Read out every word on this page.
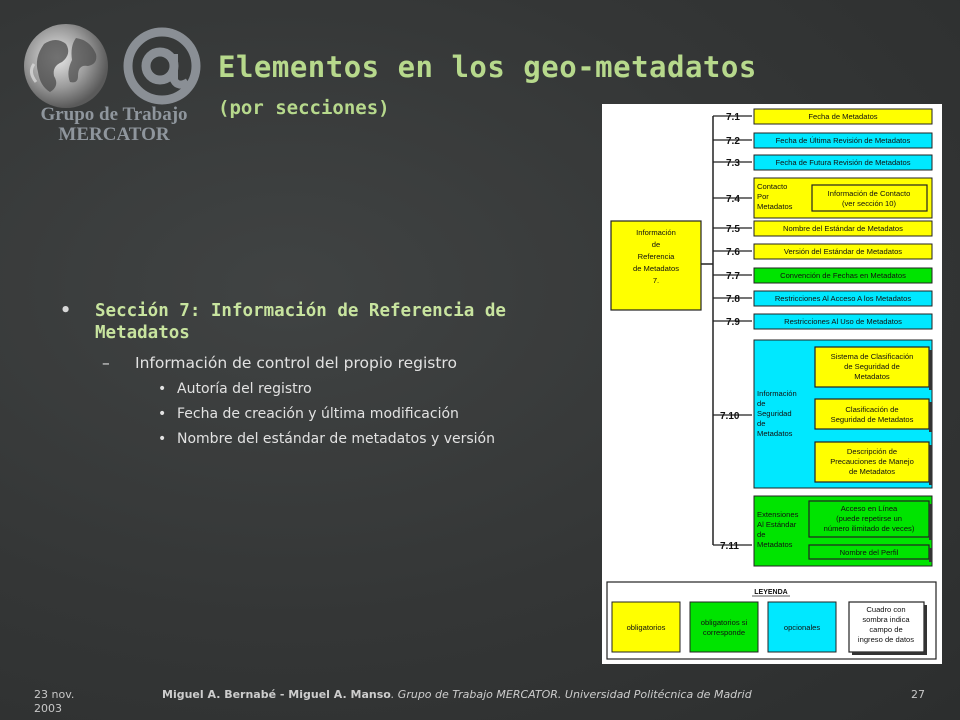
Grupo de Trabajo
MERCATOR
Elementos en los geo-metadatos
(por secciones)
• Sección 7: Información de Referencia de Metadatos
– Información de control del propio registro
• Autoría del registro
• Fecha de creación y última modificación
• Nombre del estándar de metadatos y versión
Información
de
Referencia
de Metadatos
7.
7.1
7.2
7.3
7.4
7.5
7.6
7.7
7.8
7.9
7.10
7.11
Fecha de Metadatos
Fecha de Última Revisión de Metadatos
Fecha de Futura Revisión de Metadatos
Contacto
Por
Metadatos
Información de Contacto
(ver sección 10)
Nombre del Estándar de Metadatos
Versión del Estándar de Metadatos
Convención de Fechas en Metadatos
Restricciones Al Acceso A los Metadatos
Restricciones Al Uso de Metadatos
Información
de
Seguridad
de
Metadatos
Sistema de Clasificación
de Seguridad de
Metadatos
Clasificación de
Seguridad de Metadatos
Descripción de
Precauciones de Manejo
de Metadatos
Extensiones
Al Estándar
de
Metadatos
Acceso en Línea
(puede repetirse un
número ilimitado de veces)
Nombre del Perfil
LEYENDA
obligatorios
obligatorios si
corresponde
opcionales
Cuadro con
sombra indica
campo de
ingreso de datos
23 nov.
2003
Miguel A. Bernabé - Miguel A. Manso. Grupo de Trabajo MERCATOR. Universidad Politécnica de Madrid	27
